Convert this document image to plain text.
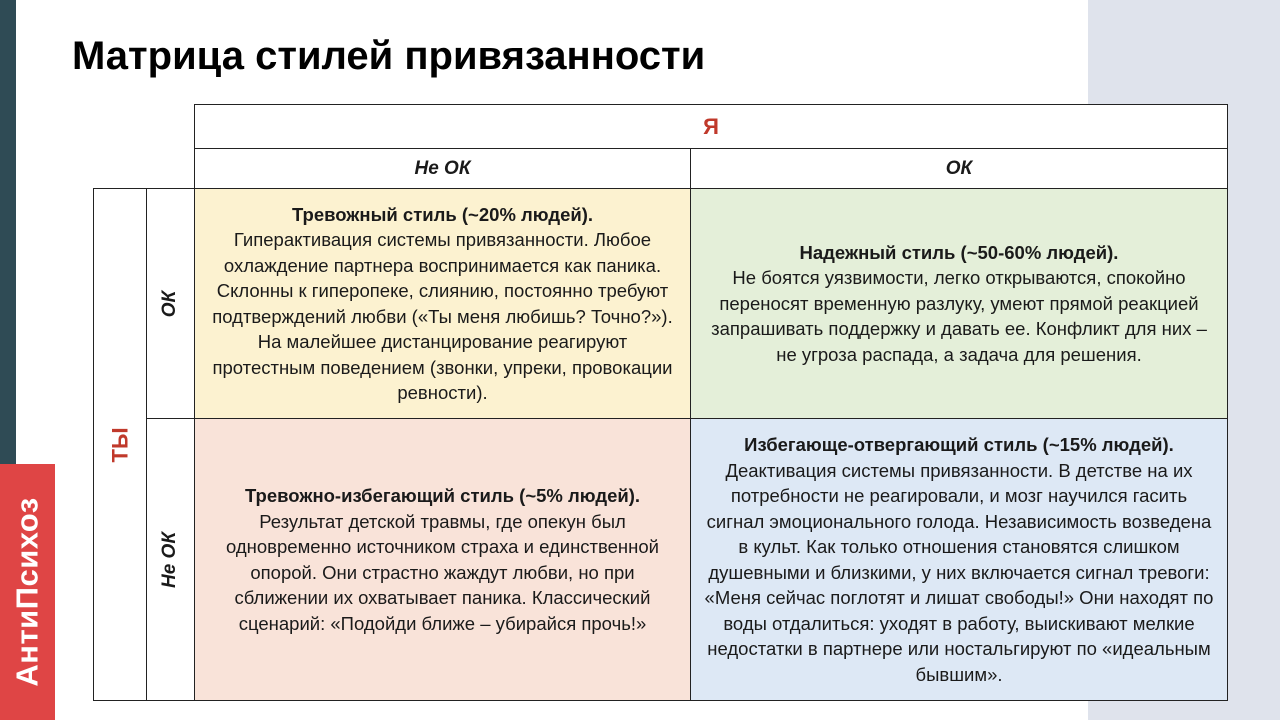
АнтиПсихоз
Матрица стилей привязанности
Я
Не ОК	ОК
ТЫ
ОК
Не ОК

Тревожный стиль (~20% людей).

Гиперактивация системы привязанности. Любое охлаждение партнера воспринимается как паника. Склонны к гиперопеке, слиянию, постоянно требуют подтверждений любви («Ты меня любишь? Точно?»). На малейшее дистанцирование реагируют протестным поведением (звонки, упреки, провокации ревности).

Надежный стиль (~50-60% людей).

Не боятся уязвимости, легко открываются, спокойно переносят временную разлуку, умеют прямой реакцией запрашивать поддержку и давать ее. Конфликт для них – не угроза распада, а задача для решения.

Тревожно-избегающий стиль (~5% людей).

Результат детской травмы, где опекун был одновременно источником страха и единственной опорой. Они страстно жаждут любви, но при сближении их охватывает паника. Классический сценарий: «Подойди ближе – убирайся прочь!»

Избегающе-отвергающий стиль (~15% людей).

Деактивация системы привязанности. В детстве на их потребности не реагировали, и мозг научился гасить сигнал эмоционального голода. Независимость возведена в культ. Как только отношения становятся слишком душевными и близкими, у них включается сигнал тревоги: «Меня сейчас поглотят и лишат свободы!» Они находят по воды отдалиться: уходят в работу, выискивают мелкие недостатки в партнере или ностальгируют по «идеальным бывшим».
